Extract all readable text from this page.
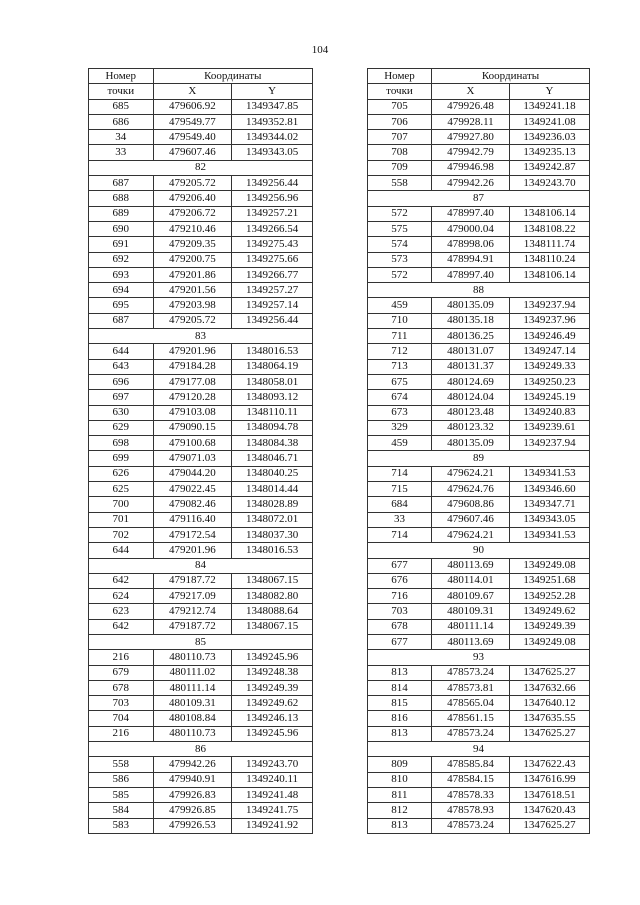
104
Номер	Координаты	
точки	X	Y
685	479606.92	1349347.85
686	479549.77	1349352.81
34	479549.40	1349344.02
33	479607.46	1349343.05
82		
687	479205.72	1349256.44
688	479206.40	1349256.96
689	479206.72	1349257.21
690	479210.46	1349266.54
691	479209.35	1349275.43
692	479200.75	1349275.66
693	479201.86	1349266.77
694	479201.56	1349257.27
695	479203.98	1349257.14
687	479205.72	1349256.44
83		
644	479201.96	1348016.53
643	479184.28	1348064.19
696	479177.08	1348058.01
697	479120.28	1348093.12
630	479103.08	1348110.11
629	479090.15	1348094.78
698	479100.68	1348084.38
699	479071.03	1348046.71
626	479044.20	1348040.25
625	479022.45	1348014.44
700	479082.46	1348028.89
701	479116.40	1348072.01
702	479172.54	1348037.30
644	479201.96	1348016.53
84		
642	479187.72	1348067.15
624	479217.09	1348082.80
623	479212.74	1348088.64
642	479187.72	1348067.15
85		
216	480110.73	1349245.96
679	480111.02	1349248.38
678	480111.14	1349249.39
703	480109.31	1349249.62
704	480108.84	1349246.13
216	480110.73	1349245.96
86		
558	479942.26	1349243.70
586	479940.91	1349240.11
585	479926.83	1349241.48
584	479926.85	1349241.75
583	479926.53	1349241.92
Номер	Координаты	
точки	X	Y
705	479926.48	1349241.18
706	479928.11	1349241.08
707	479927.80	1349236.03
708	479942.79	1349235.13
709	479946.98	1349242.87
558	479942.26	1349243.70
87		
572	478997.40	1348106.14
575	479000.04	1348108.22
574	478998.06	1348111.74
573	478994.91	1348110.24
572	478997.40	1348106.14
88		
459	480135.09	1349237.94
710	480135.18	1349237.96
711	480136.25	1349246.49
712	480131.07	1349247.14
713	480131.37	1349249.33
675	480124.69	1349250.23
674	480124.04	1349245.19
673	480123.48	1349240.83
329	480123.32	1349239.61
459	480135.09	1349237.94
89		
714	479624.21	1349341.53
715	479624.76	1349346.60
684	479608.86	1349347.71
33	479607.46	1349343.05
714	479624.21	1349341.53
90		
677	480113.69	1349249.08
676	480114.01	1349251.68
716	480109.67	1349252.28
703	480109.31	1349249.62
678	480111.14	1349249.39
677	480113.69	1349249.08
93		
813	478573.24	1347625.27
814	478573.81	1347632.66
815	478565.04	1347640.12
816	478561.15	1347635.55
813	478573.24	1347625.27
94		
809	478585.84	1347622.43
810	478584.15	1347616.99
811	478578.33	1347618.51
812	478578.93	1347620.43
813	478573.24	1347625.27
